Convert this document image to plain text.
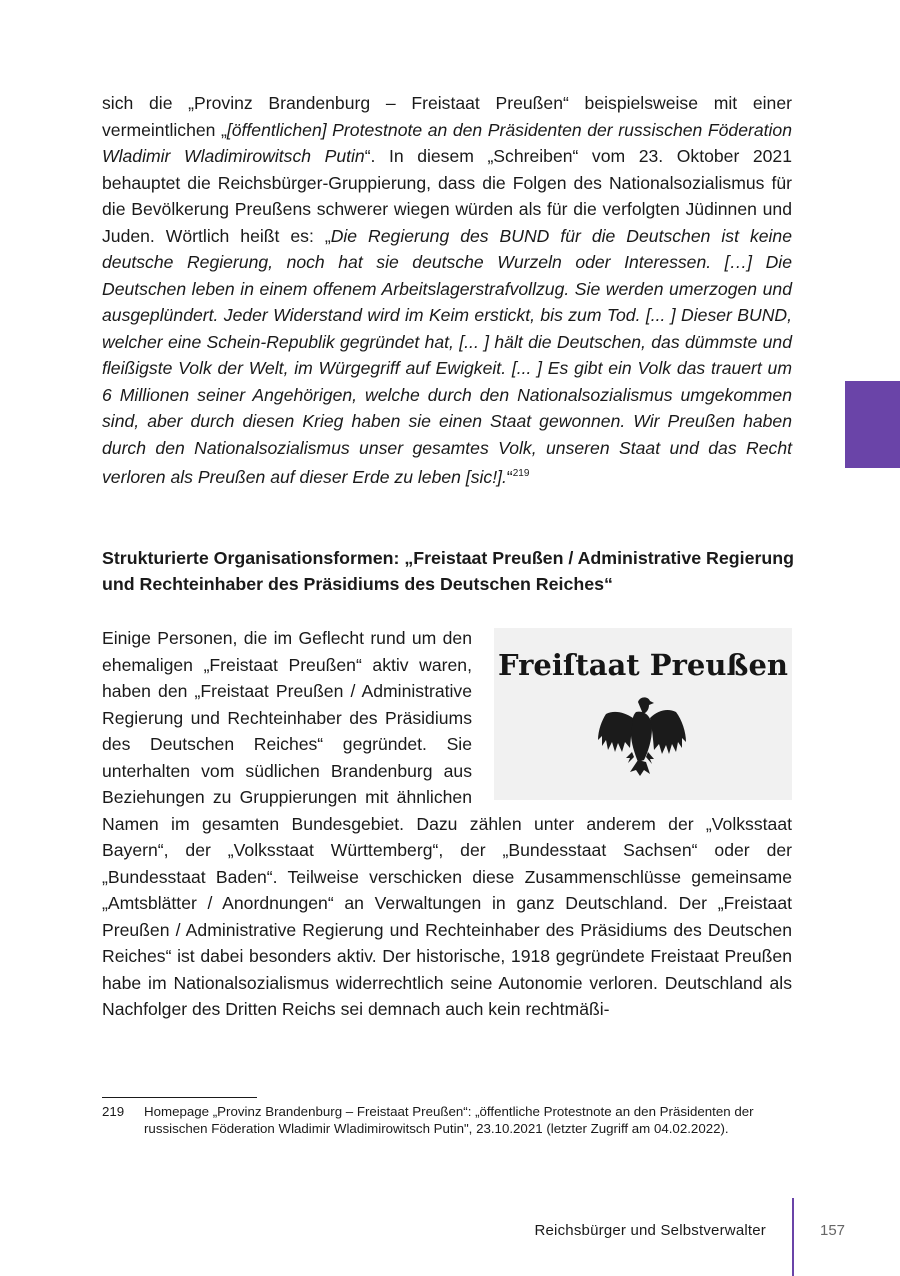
sich die „Provinz Brandenburg – Freistaat Preußen“ beispielsweise mit einer vermeintlichen „[öffentlichen] Protestnote an den Präsidenten der russischen Föderation Wladimir Wladimirowitsch Putin“. In diesem „Schreiben“ vom 23. Oktober 2021 behauptet die Reichsbürger-Gruppierung, dass die Folgen des Nationalsozialismus für die Bevölkerung Preußens schwerer wiegen würden als für die verfolgten Jüdinnen und Juden. Wörtlich heißt es: „Die Regierung des BUND für die Deutschen ist keine deutsche Regierung, noch hat sie deutsche Wurzeln oder Interessen. […] Die Deutschen leben in einem offenem Arbeitslagerstrafvollzug. Sie werden umerzogen und ausgeplündert. Jeder Widerstand wird im Keim erstickt, bis zum Tod. [... ] Dieser BUND, welcher eine Schein-Republik gegründet hat, [... ] hält die Deutschen, das dümmste und fleißigste Volk der Welt, im Würgegriff auf Ewigkeit. [... ] Es gibt ein Volk das trauert um 6 Millionen seiner Angehörigen, welche durch den Nationalsozialismus umgekommen sind, aber durch diesen Krieg haben sie einen Staat gewonnen. Wir Preußen haben durch den Nationalsozialismus unser gesamtes Volk, unseren Staat und das Recht verloren als Preußen auf dieser Erde zu leben [sic!].“$^{219}$

Strukturierte Organisationsformen: „Freistaat Preußen / Administrative Regierung und Rechteinhaber des Präsidiums des Deutschen Reiches“

Freiſtaat Preußen
Einige Personen, die im Geflecht rund um den ehemaligen „Freistaat Preußen“ aktiv waren, haben den „Freistaat Preußen / Administrative Regierung und Rechteinhaber des Präsidiums des Deutschen Reiches“ gegründet. Sie unterhalten vom südlichen Brandenburg aus Beziehungen zu Gruppierungen mit ähnlichen Namen im gesamten Bundesgebiet. Dazu zählen unter anderem der „Volksstaat Bayern“, der „Volksstaat Württemberg“, der „Bundesstaat Sachsen“ oder der „Bundesstaat Baden“. Teilweise verschicken diese Zusammenschlüsse gemeinsame „Amtsblätter / Anordnungen“ an Verwaltungen in ganz Deutschland. Der „Freistaat Preußen / Administrative Regierung und Rechteinhaber des Präsidiums des Deutschen Reiches“ ist dabei besonders aktiv. Der historische, 1918 gegründete Freistaat Preußen habe im Nationalsozialismus widerrechtlich seine Autonomie verloren. Deutschland als Nachfolger des Dritten Reichs sei demnach auch kein rechtmäßi-

219 Homepage „Provinz Brandenburg – Freistaat Preußen“: „öffentliche Protestnote an den Präsidenten der russischen Föderation Wladimir Wladimirowitsch Putin", 23.10.2021 (letzter Zugriff am 04.02.2022).
Reichsbürger und Selbstverwalter	157
